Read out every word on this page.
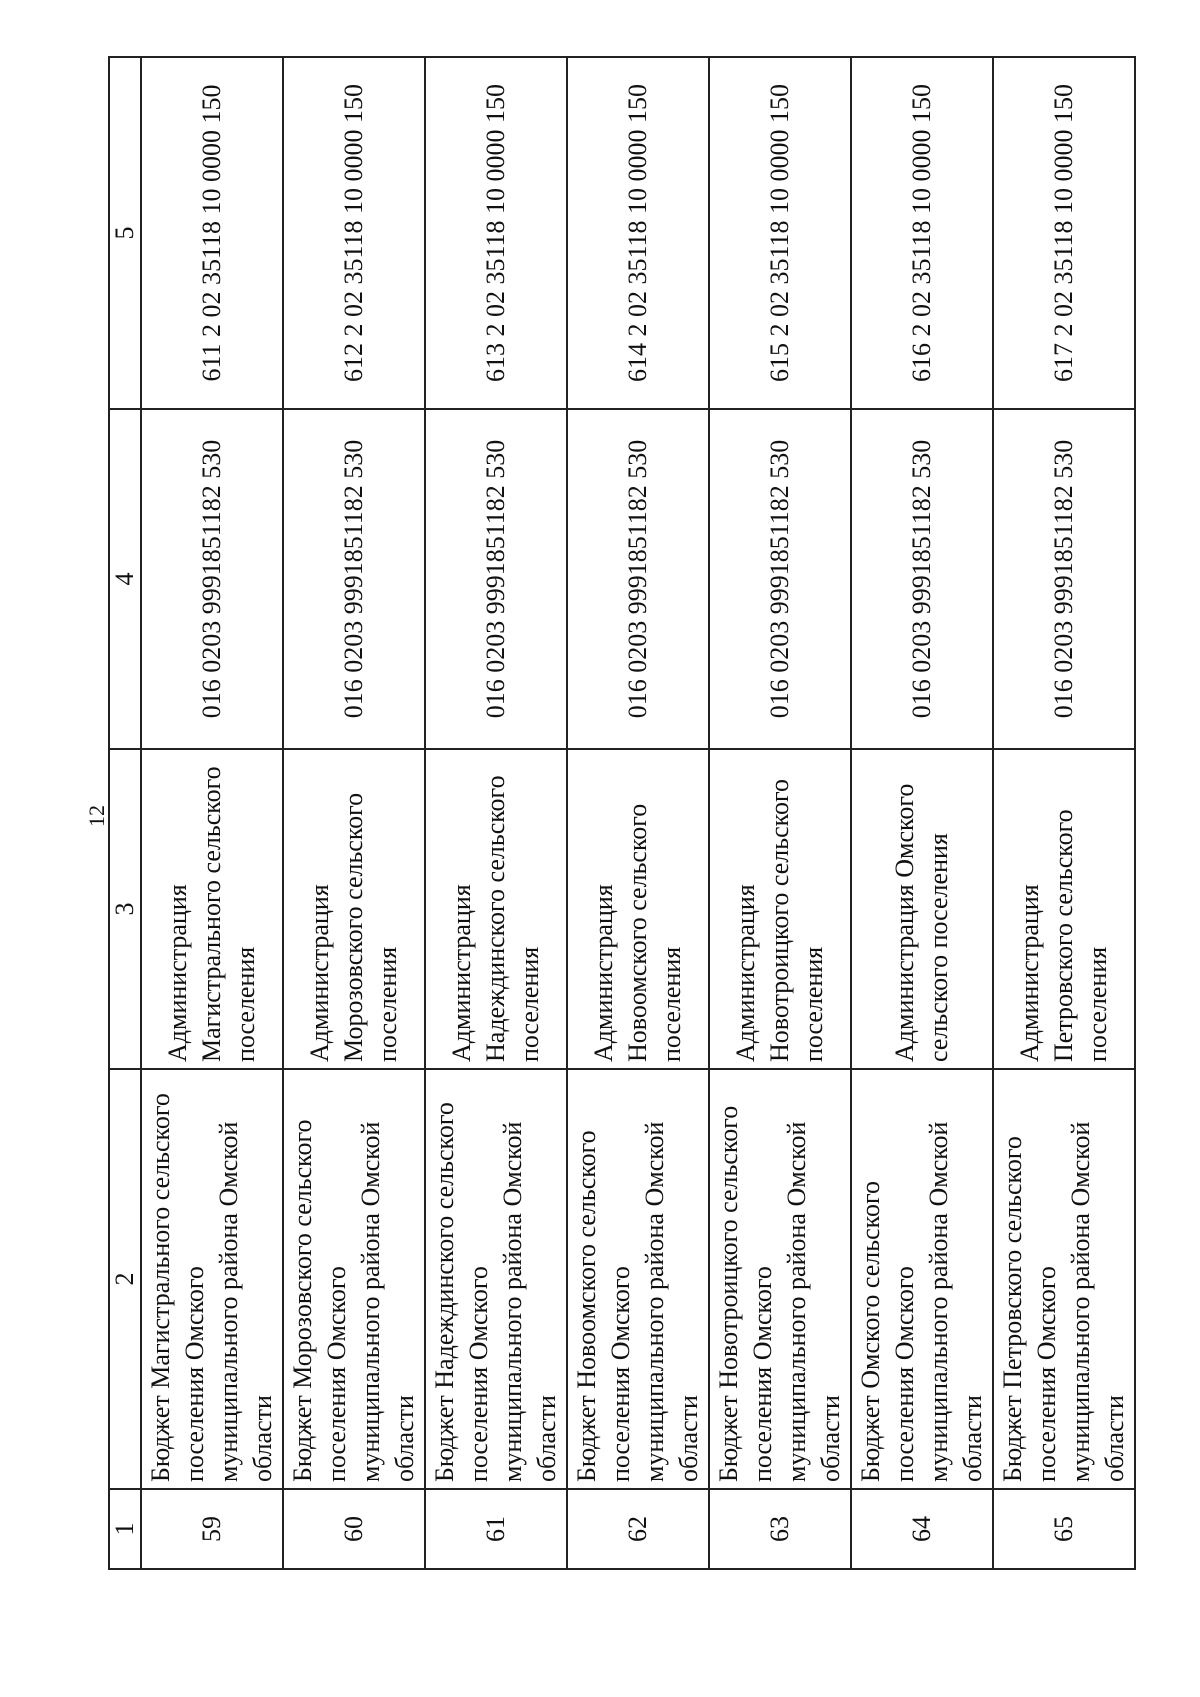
12
1	2	3	4	5
59	Бюджет Магистрального сельского поселения Омского муниципального района Омской области	Администрация Магистрального сельского поселения	016 0203 9991851182 530	611 2 02 35118 10 0000 150
60	Бюджет Морозовского сельского поселения Омского муниципального района Омской области	Администрация Морозовского сельского поселения	016 0203 9991851182 530	612 2 02 35118 10 0000 150
61	Бюджет Надеждинского сельского поселения Омского муниципального района Омской области	Администрация Надеждинского сельского поселения	016 0203 9991851182 530	613 2 02 35118 10 0000 150
62	Бюджет Новоомского сельского поселения Омского муниципального района Омской области	Администрация Новоомского сельского поселения	016 0203 9991851182 530	614 2 02 35118 10 0000 150
63	Бюджет Новотроицкого сельского поселения Омского муниципального района Омской области	Администрация Новотроицкого сельского поселения	016 0203 9991851182 530	615 2 02 35118 10 0000 150
64	Бюджет Омского сельского поселения Омского муниципального района Омской области	Администрация Омского сельского поселения	016 0203 9991851182 530	616 2 02 35118 10 0000 150
65	Бюджет Петровского сельского поселения Омского муниципального района Омской области	Администрация Петровского сельского поселения	016 0203 9991851182 530	617 2 02 35118 10 0000 150
